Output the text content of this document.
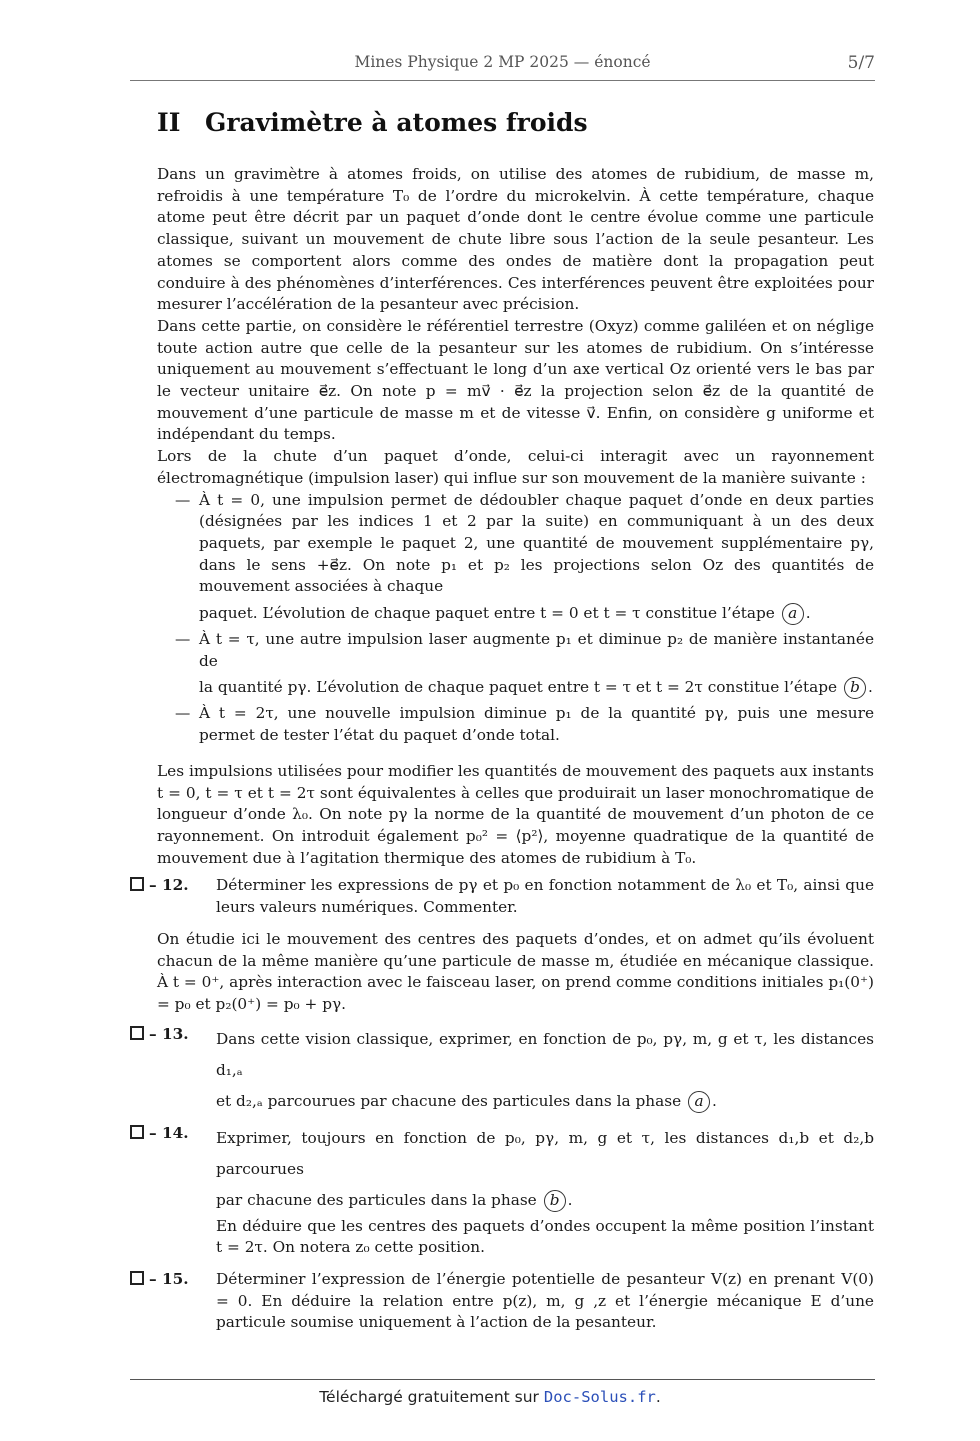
Mines Physique 2 MP 2025 — énoncé	5/7
II Gravimètre à atomes froids

Dans un gravimètre à atomes froids, on utilise des atomes de rubidium, de masse m, refroidis à une température T₀ de l’ordre du microkelvin. À cette température, chaque atome peut être décrit par un paquet d’onde dont le centre évolue comme une particule classique, suivant un mouvement de chute libre sous l’action de la seule pesanteur. Les atomes se comportent alors comme des ondes de matière dont la propagation peut conduire à des phénomènes d’interférences. Ces interférences peuvent être exploitées pour mesurer l’accélération de la pesanteur avec précision.

Dans cette partie, on considère le référentiel terrestre (Oxyz) comme galiléen et on néglige toute action autre que celle de la pesanteur sur les atomes de rubidium. On s’intéresse uniquement au mouvement s’effectuant le long d’un axe vertical Oz orienté vers le bas par le vecteur unitaire e⃗z. On note p = mv⃗ · e⃗z la projection selon e⃗z de la quantité de mouvement d’une particule de masse m et de vitesse v⃗. Enfin, on considère g uniforme et indépendant du temps.

Lors de la chute d’un paquet d’onde, celui-ci interagit avec un rayonnement électromagnétique (impulsion laser) qui influe sur son mouvement de la manière suivante :

— À t = 0, une impulsion permet de dédoubler chaque paquet d’onde en deux parties (désignées par les indices 1 et 2 par la suite) en communiquant à un des deux paquets, par exemple le paquet 2, une quantité de mouvement supplémentaire pγ, dans le sens +e⃗z. On note p₁ et p₂ les projections selon Oz des quantités de mouvement associées à chaque
paquet. L’évolution de chaque paquet entre t = 0 et t = τ constitue l’étape a .
— À t = τ, une autre impulsion laser augmente p₁ et diminue p₂ de manière instantanée de
la quantité pγ. L’évolution de chaque paquet entre t = τ et t = 2τ constitue l’étape b .
— À t = 2τ, une nouvelle impulsion diminue p₁ de la quantité pγ, puis une mesure permet de tester l’état du paquet d’onde total.

Les impulsions utilisées pour modifier les quantités de mouvement des paquets aux instants t = 0, t = τ et t = 2τ sont équivalentes à celles que produirait un laser monochromatique de longueur d’onde λ₀. On note pγ la norme de la quantité de mouvement d’un photon de ce rayonnement. On introduit également p₀² = ⟨p²⟩, moyenne quadratique de la quantité de mouvement due à l’agitation thermique des atomes de rubidium à T₀.

– 12.	Déterminer les expressions de pγ et p₀ en fonction notamment de λ₀ et T₀, ainsi que leurs valeurs numériques. Commenter.

On étudie ici le mouvement des centres des paquets d’ondes, et on admet qu’ils évoluent chacun de la même manière qu’une particule de masse m, étudiée en mécanique classique. À t = 0⁺, après interaction avec le faisceau laser, on prend comme conditions initiales p₁(0⁺) = p₀ et p₂(0⁺) = p₀ + pγ.

– 13.	Dans cette vision classique, exprimer, en fonction de p₀, pγ, m, g et τ, les distances d₁,ₐ
et d₂,ₐ parcourues par chacune des particules dans la phase a .
– 14.	Exprimer, toujours en fonction de p₀, pγ, m, g et τ, les distances d₁,b et d₂,b parcourues
par chacune des particules dans la phase b .
En déduire que les centres des paquets d’ondes occupent la même position l’instant t = 2τ. On notera z₀ cette position.
– 15.	Déterminer l’expression de l’énergie potentielle de pesanteur V(z) en prenant V(0) = 0. En déduire la relation entre p(z), m, g ,z et l’énergie mécanique E d’une particule soumise uniquement à l’action de la pesanteur.
Téléchargé gratuitement sur Doc-Solus.fr.
